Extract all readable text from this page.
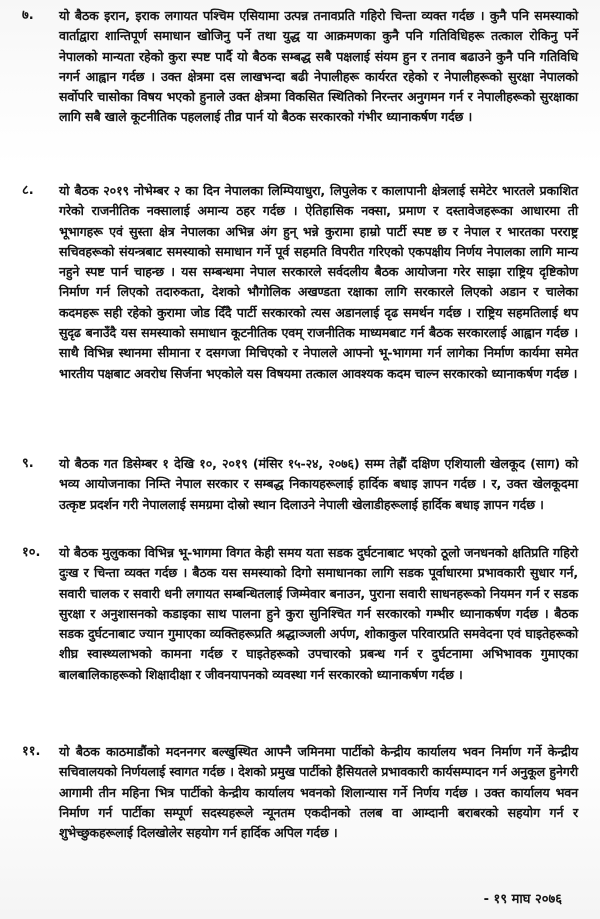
७.	यो बैठक इरान, इराक लगायत पश्चिम एसियामा उत्पन्न तनावप्रति गहिरो चिन्ता व्यक्त गर्दछ । कुनै पनि समस्याको वार्ताद्वारा शान्तिपूर्ण समाधान खोजिनु पर्ने तथा युद्ध या आक्रमणका कुनै पनि गतिविधिहरू तत्काल रोकिनु पर्ने नेपालको मान्यता रहेको कुरा स्पष्ट पार्दै यो बैठक सम्बद्ध सबै पक्षलाई संयम हुन र तनाव बढाउने कुनै पनि गतिविधि नगर्न आह्वान गर्दछ । उक्त क्षेत्रमा दस लाखभन्दा बढी नेपालीहरू कार्यरत रहेको र नेपालीहरूको सुरक्षा नेपालको सर्वोपरि चासोका विषय भएको हुनाले उक्त क्षेत्रमा विकसित स्थितिको निरन्तर अनुगमन गर्न र नेपालीहरूको सुरक्षाका लागि सबै खाले कूटनीतिक पहललाई तीव्र पार्न यो बैठक सरकारको गंभीर ध्यानाकर्षण गर्दछ ।
८.	यो बैठक २०१९ नोभेम्बर २ का दिन नेपालका लिम्पियाधुरा, लिपुलेक र कालापानी क्षेत्रलाई समेटेर भारतले प्रकाशित गरेको राजनीतिक नक्सालाई अमान्य ठहर गर्दछ । ऐतिहासिक नक्सा, प्रमाण र दस्तावेजहरूका आधारमा ती भूभागहरू एवं सुस्ता क्षेत्र नेपालका अभिन्न अंग हुन् भन्ने कुरामा हाम्रो पार्टी स्पष्ट छ र नेपाल र भारतका परराष्ट्र सचिवहरूको संयन्त्रबाट समस्याको समाधान गर्ने पूर्व सहमति विपरीत गरिएको एकपक्षीय निर्णय नेपालका लागि मान्य नहुने स्पष्ट पार्न चाहन्छ । यस सम्बन्धमा नेपाल सरकारले सर्वदलीय बैठक आयोजना गरेर साझा राष्ट्रिय दृष्टिकोण निर्माण गर्न लिएको तदारुकता, देशको भौगोलिक अखण्डता रक्षाका लागि सरकारले लिएको अडान र चालेका कदमहरू सही रहेको कुरामा जोड दिँदै पार्टी सरकारको त्यस अडानलाई दृढ समर्थन गर्दछ । राष्ट्रिय सहमतिलाई थप सुदृढ बनाउँदै यस समस्याको समाधान कूटनीतिक एवम् राजनीतिक माध्यमबाट गर्न बैठक सरकारलाई आह्वान गर्दछ । साथै विभिन्न स्थानमा सीमाना र दसगजा मिचिएको र नेपालले आफ्नो भू-भागमा गर्न लागेका निर्माण कार्यमा समेत भारतीय पक्षबाट अवरोध सिर्जना भएकोले यस विषयमा तत्काल आवश्यक कदम चाल्न सरकारको ध्यानाकर्षण गर्दछ ।
९.	यो बैठक गत डिसेम्बर १ देखि १०, २०१९ (मंसिर १५-२४, २०७६) सम्म तेह्रौं दक्षिण एशियाली खेलकूद (साग) को भव्य आयोजनाका निम्ति नेपाल सरकार र सम्बद्ध निकायहरूलाई हार्दिक बधाइ ज्ञापन गर्दछ । र, उक्त खेलकूदमा उत्कृष्ट प्रदर्शन गरी नेपाललाई समग्रमा दोस्रो स्थान दिलाउने नेपाली खेलाडीहरूलाई हार्दिक बधाइ ज्ञापन गर्दछ ।
१०.	यो बैठक मुलुकका विभिन्न भू-भागमा विगत केही समय यता सडक दुर्घटनाबाट भएको ठूलो जनधनको क्षतिप्रति गहिरो दुःख र चिन्ता व्यक्त गर्दछ । बैठक यस समस्याको दिगो समाधानका लागि सडक पूर्वाधारमा प्रभावकारी सुधार गर्न, सवारी चालक र सवारी धनी लगायत सम्बन्धितलाई जिम्मेवार बनाउन, पुराना सवारी साधनहरूको नियमन गर्न र सडक सुरक्षा र अनुशासनको कडाइका साथ पालना हुने कुरा सुनिश्चित गर्न सरकारको गम्भीर ध्यानाकर्षण गर्दछ । बैठक सडक दुर्घटनाबाट ज्यान गुमाएका व्यक्तिहरूप्रति श्रद्धाञ्जली अर्पण, शोकाकुल परिवारप्रति समवेदना एवं घाइतेहरूको शीघ्र स्वास्थ्यलाभको कामना गर्दछ र घाइतेहरूको उपचारको प्रबन्ध गर्न र दुर्घटनामा अभिभावक गुमाएका बालबालिकाहरूको शिक्षादीक्षा र जीवनयापनको व्यवस्था गर्न सरकारको ध्यानाकर्षण गर्दछ ।
११.	यो बैठक काठमाडौंको मदननगर बल्खुस्थित आफ्नै जमिनमा पार्टीको केन्द्रीय कार्यालय भवन निर्माण गर्ने केन्द्रीय सचिवालयको निर्णयलाई स्वागत गर्दछ । देशको प्रमुख पार्टीको हैसियतले प्रभावकारी कार्यसम्पादन गर्न अनुकूल हुनेगरी आगामी तीन महिना भित्र पार्टीको केन्द्रीय कार्यालय भवनको शिलान्यास गर्ने निर्णय गर्दछ । उक्त कार्यालय भवन निर्माण गर्न पार्टीका सम्पूर्ण सदस्यहरूले न्यूनतम एकदीनको तलब वा आम्दानी बराबरको सहयोग गर्न र शुभेच्छुकहरूलाई दिलखोलेर सहयोग गर्न हार्दिक अपिल गर्दछ ।
- १९ माघ २०७६
